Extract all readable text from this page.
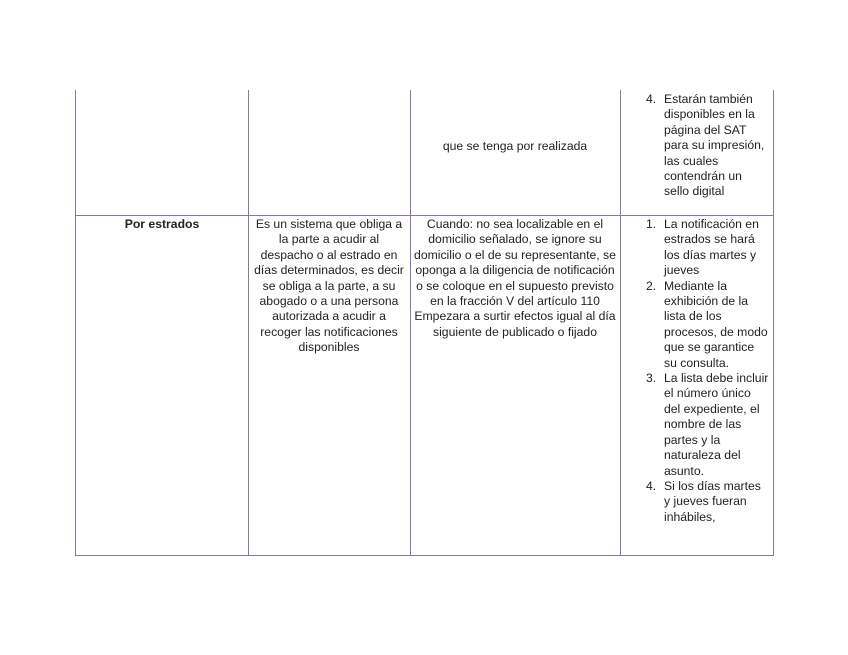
que se tenga por realizada
4. Estarán también disponibles en la página del SAT para su impresión, las cuales contendrán un sello digital
Por estrados	Es un sistema que obliga a la parte a acudir al despacho o al estrado en días determinados, es decir se obliga a la parte, a su abogado o a una persona autorizada a acudir a recoger las notificaciones disponibles
Cuando: no sea localizable en el domicilio señalado, se ignore su domicilio o el de su representante, se oponga a la diligencia de notificación o se coloque en el supuesto previsto en la fracción V del artículo 110 Empezara a surtir efectos igual al día siguiente de publicado o fijado
1. La notificación en estrados se hará los días martes y jueves
2. Mediante la exhibición de la lista de los procesos, de modo que se garantice su consulta.
3. La lista debe incluir el número único del expediente, el nombre de las partes y la naturaleza del asunto.
4. Si los días martes y jueves fueran inhábiles,
